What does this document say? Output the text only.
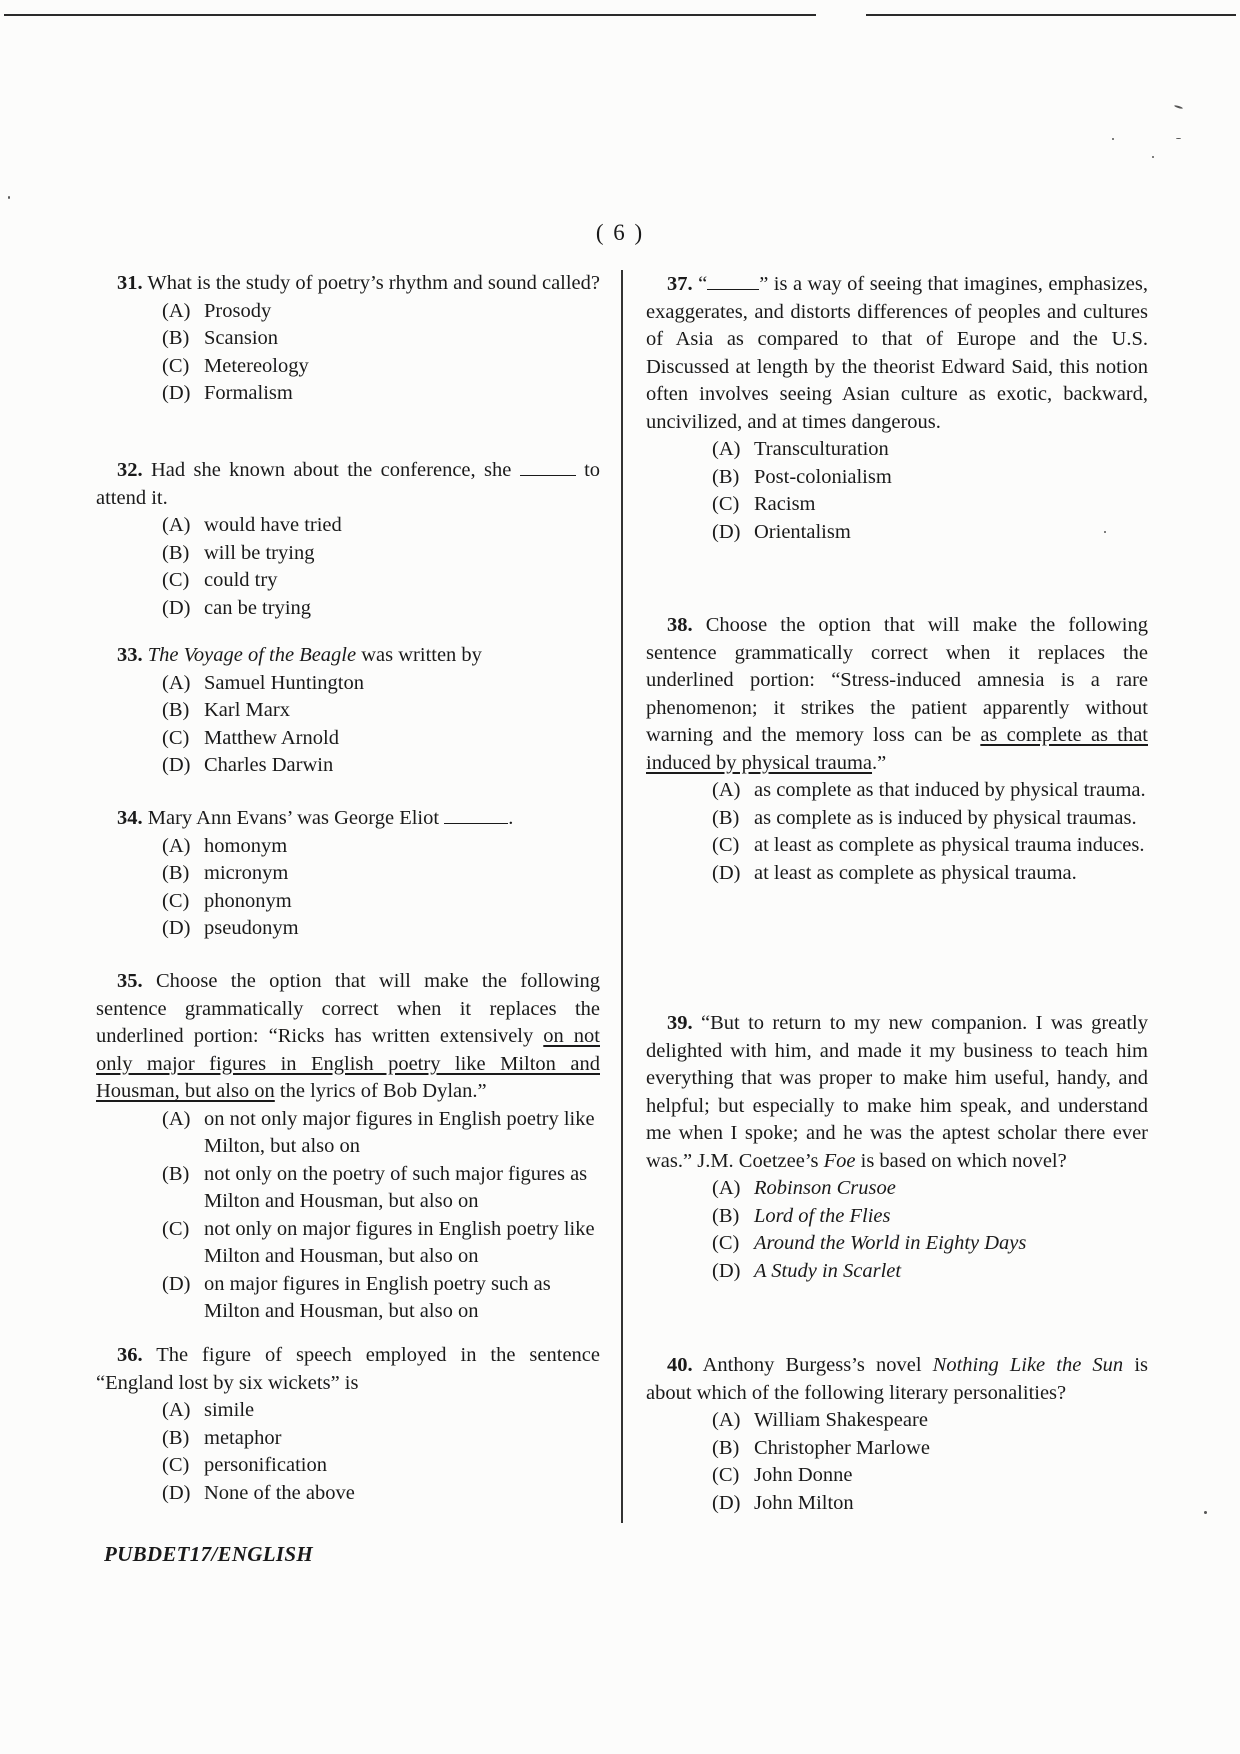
( 6 )
31. What is the study of poetry’s rhythm and sound called?
(A) Prosody
(B) Scansion
(C) Metereology
(D) Formalism
32. Had she known about the conference, she	to attend it.
(A) would have tried
(B) will be trying
(C) could try
(D) can be trying
33. The Voyage of the Beagle was written by
(A) Samuel Huntington
(B) Karl Marx
(C) Matthew Arnold
(D) Charles Darwin
34. Mary Ann Evans’ was George Eliot	.
(A) homonym
(B) micronym
(C) phononym
(D) pseudonym
35. Choose the option that will make the following sentence grammatically correct when it replaces the underlined portion: “Ricks has written extensively on not only major figures in English poetry like Milton and Housman, but also on the lyrics of Bob Dylan.”
(A) on not only major figures in English poetry like Milton, but also on
(B) not only on the poetry of such major figures as Milton and Housman, but also on
(C) not only on major figures in English poetry like Milton and Housman, but also on
(D) on major figures in English poetry such as Milton and Housman, but also on
36. The figure of speech employed in the sentence “England lost by six wickets” is
(A) simile
(B) metaphor
(C) personification
(D) None of the above
37. “	” is a way of seeing that imagines, emphasizes, exaggerates, and distorts differences of peoples and cultures of Asia as compared to that of Europe and the U.S. Discussed at length by the theorist Edward Said, this notion often involves seeing Asian culture as exotic, backward, uncivilized, and at times dangerous.
(A) Transculturation
(B) Post-colonialism
(C) Racism
(D) Orientalism
38. Choose the option that will make the following sentence grammatically correct when it replaces the underlined portion: “Stress-induced amnesia is a rare phenomenon; it strikes the patient apparently without warning and the memory loss can be as complete as that induced by physical trauma.”
(A) as complete as that induced by physical trauma.
(B) as complete as is induced by physical traumas.
(C) at least as complete as physical trauma induces.
(D) at least as complete as physical trauma.
39. “But to return to my new companion. I was greatly delighted with him, and made it my business to teach him everything that was proper to make him useful, handy, and helpful; but especially to make him speak, and understand me when I spoke; and he was the aptest scholar there ever was.” J.M. Coetzee’s Foe is based on which novel?
(A) Robinson Crusoe
(B) Lord of the Flies
(C) Around the World in Eighty Days
(D) A Study in Scarlet
40. Anthony Burgess’s novel Nothing Like the Sun is about which of the following literary personalities?
(A) William Shakespeare
(B) Christopher Marlowe
(C) John Donne
(D) John Milton
PUBDET17/ENGLISH
